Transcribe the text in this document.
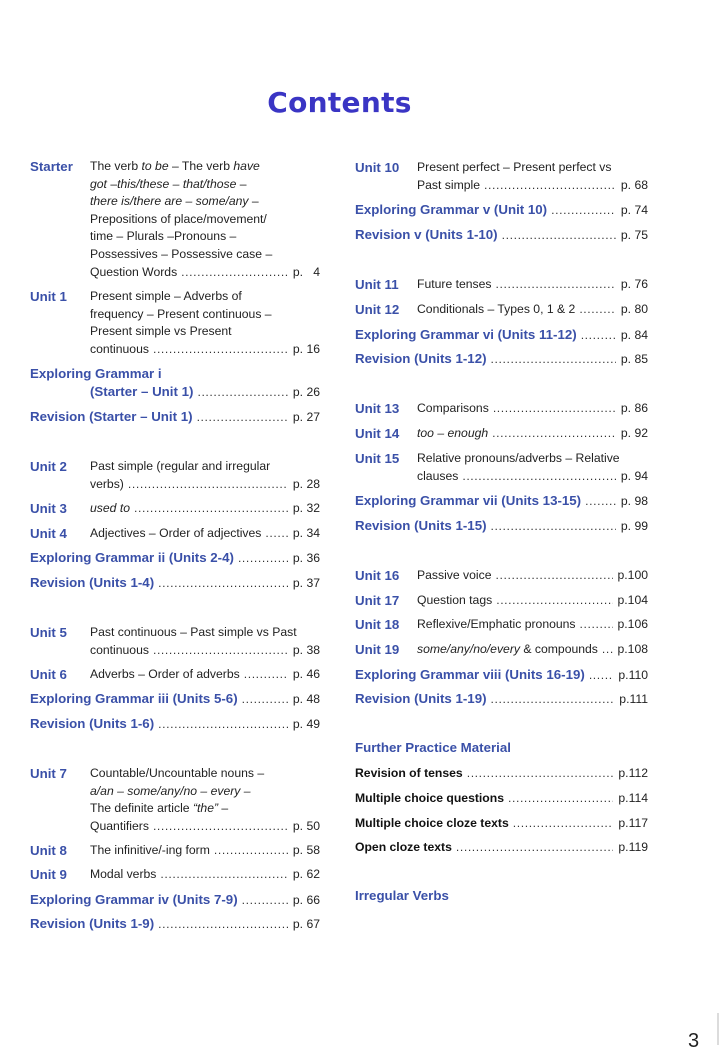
Contents
Starter The verb to be – The verb have
got –this/these – that/those –
there is/there are – some/any –
Prepositions of place/movement/
time – Plurals –Pronouns –
Possessives – Possessive case –
Question Words .....	p.   4
Unit 1 Present simple – Adverbs of
frequency – Present continuous –
Present simple vs Present
continuous .....	p. 16
Exploring Grammar i
(Starter – Unit 1) .....	p. 26
Revision (Starter – Unit 1) .....	p. 27
Unit 2 Past simple (regular and irregular
verbs) .....	p. 28
Unit 3 used to .....	p. 32
Unit 4 Adjectives – Order of adjectives .....	p. 34
Exploring Grammar ii (Units 2-4) .....	p. 36
Revision (Units 1-4) .....	p. 37
Unit 5 Past continuous – Past simple vs Past
continuous .....	p. 38
Unit 6 Adverbs – Order of adverbs .....	p. 46
Exploring Grammar iii (Units 5-6) .....	p. 48
Revision (Units 1-6) .....	p. 49
Unit 7 Countable/Uncountable nouns –
a/an – some/any/no – every –
The definite article “the” –
Quantifiers .....	p. 50
Unit 8 The infinitive/-ing form .....	p. 58
Unit 9 Modal verbs .....	p. 62
Exploring Grammar iv (Units 7-9) .....	p. 66
Revision (Units 1-9) .....	p. 67
Unit 10 Present perfect – Present perfect vs
Past simple .....	p. 68
Exploring Grammar v (Unit 10) .....	p. 74
Revision v (Units 1-10) .....	p. 75
Unit 11 Future tenses .....	p. 76
Unit 12 Conditionals – Types 0, 1 & 2 .....	p. 80
Exploring Grammar vi (Units 11-12) .....	p. 84
Revision (Units 1-12) .....	p. 85
Unit 13 Comparisons .....	p. 86
Unit 14 too – enough .....	p. 92
Unit 15 Relative pronouns/adverbs – Relative
clauses .....	p. 94
Exploring Grammar vii (Units 13-15) .....	p. 98
Revision (Units 1-15) .....	p. 99
Unit 16 Passive voice .....	p.100
Unit 17 Question tags .....	p.104
Unit 18 Reflexive/Emphatic pronouns .....	p.106
Unit 19 some/any/no/every & compounds ..... p.108
Exploring Grammar viii (Units 16-19) .....	p.110
Revision (Units 1-19) .....	p.111
Further Practice Material
Revision of tenses .....	p.112
Multiple choice questions .....	p.114
Multiple choice cloze texts .....	p.117
Open cloze texts .....	p.119
Irregular Verbs
3
